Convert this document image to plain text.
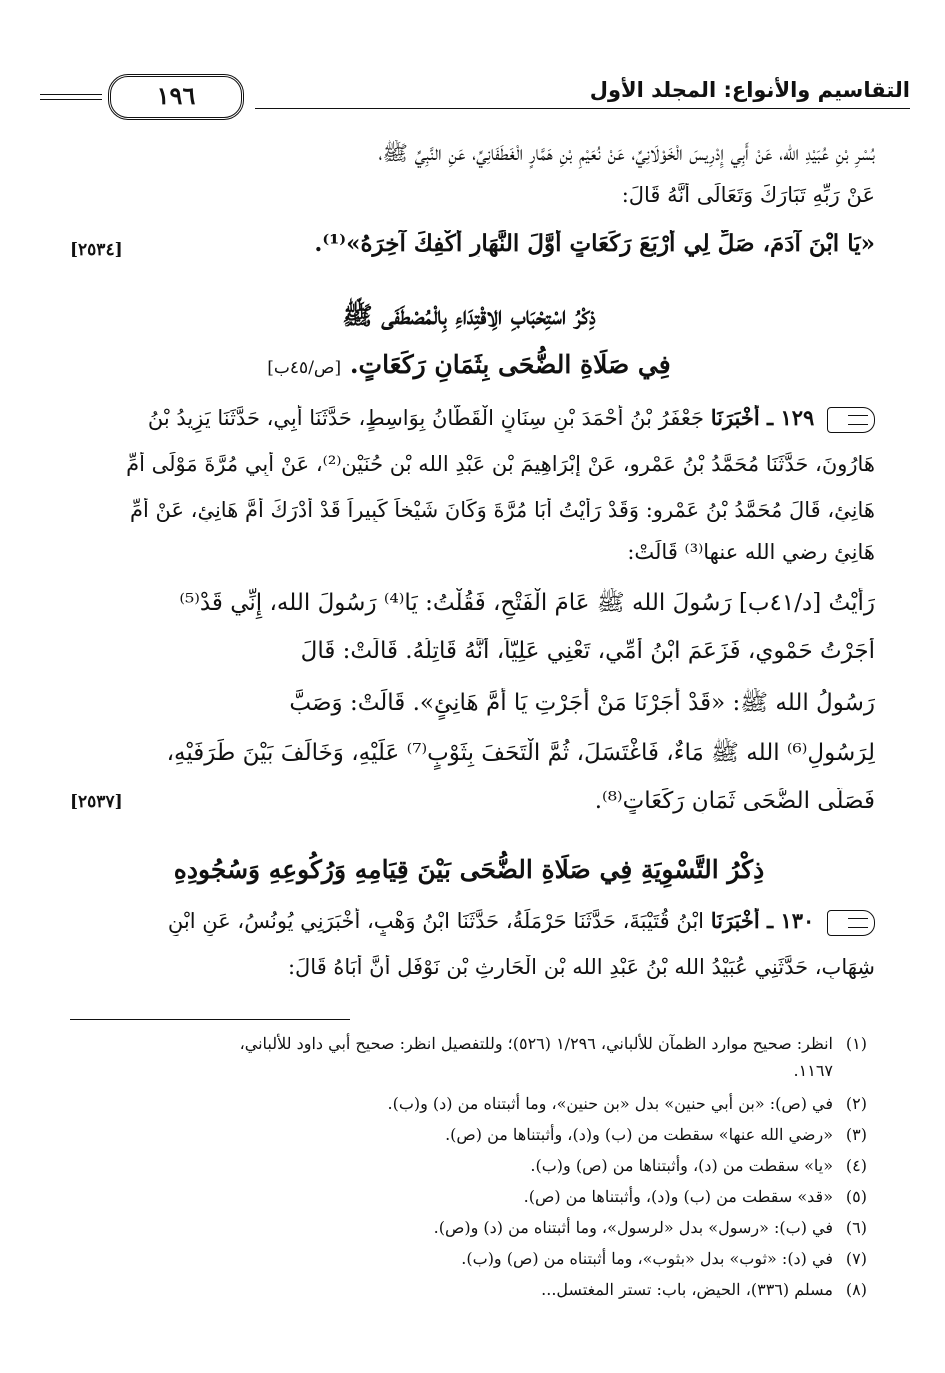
التقاسيم والأنواع: المجلد الأول
١٩٦
بُسْرِ بْنِ عُبَيْدِ الله، عَنْ أَبِي إِدْرِيسَ الْخَوْلَانِيِّ، عَنْ نُعَيْمِ بْنِ هَمَّارٍ الْغَطَفَانِيِّ، عَنِ النَّبِيِّ ﷺ،
عَنْ رَبِّهِ تَبَارَكَ وَتَعَالَى أَنَّهُ قَالَ:
«يَا ابْنَ آدَمَ، صَلِّ لِي أَرْبَعَ رَكَعَاتٍ أَوَّلَ النَّهَارِ أَكْفِكَ آخِرَهُ»⁽¹⁾.
[٢٥٣٤]
ذِكْرُ اسْتِحْبَابِ الِاقْتِدَاءِ بِالْمُصْطَفَى ﷺ
فِي صَلَاةِ الضُّحَى بِثَمَانِ رَكَعَاتٍ. [ص/٤٥ب]
١٢٩ ـ أَخْبَرَنَا جَعْفَرُ بْنُ أَحْمَدَ بْنِ سِنَانٍ الْقَطَّانُ بِوَاسِطٍ، حَدَّثَنَا أَبِي، حَدَّثَنَا يَزِيدُ بْنُ
هَارُونَ، حَدَّثَنَا مُحَمَّدُ بْنُ عَمْرٍو، عَنْ إِبْرَاهِيمَ بْنِ عَبْدِ الله بْنِ حُنَيْنٍ⁽²⁾، عَنْ أَبِي مُرَّةَ مَوْلَى أُمِّ
هَانِئٍ، قَالَ مُحَمَّدُ بْنُ عَمْرٍو: وَقَدْ رَأَيْتُ أَبَا مُرَّةَ وَكَانَ شَيْخاً كَبِيراً قَدْ أَدْرَكَ أُمَّ هَانِئٍ، عَنْ أُمِّ
هَانِئٍ رضي الله عنها⁽³⁾ قَالَتْ:
رَأَيْتُ [د/٤١ب] رَسُولَ الله ﷺ عَامَ الْفَتْحِ، فَقُلْتُ: يَا⁽⁴⁾ رَسُولَ الله، إِنِّي قَدْ⁽⁵⁾
أَجَرْتُ حَمْوِي، فَزَعَمَ ابْنُ أُمِّي، تَعْنِي عَلِيّاً، أَنَّهُ قَاتِلُهُ. قَالَتْ: قَالَ
رَسُولُ الله ﷺ: «قَدْ أَجَرْنَا مَنْ أَجَرْتِ يَا أُمَّ هَانِئٍ». قَالَتْ: وَصَبَّ
لِرَسُولِ⁽⁶⁾ الله ﷺ مَاءٌ، فَاغْتَسَلَ، ثُمَّ الْتَحَفَ بِثَوْبٍ⁽⁷⁾ عَلَيْهِ، وَخَالَفَ بَيْنَ طَرَفَيْهِ،
فَصَلَّى الضُّحَى ثَمَانِ رَكَعَاتٍ⁽⁸⁾.
[٢٥٣٧]
ذِكْرُ التَّسْوِيَةِ فِي صَلَاةِ الضُّحَى بَيْنَ قِيَامِهِ وَرُكُوعِهِ وَسُجُودِهِ
١٣٠ ـ أَخْبَرَنَا ابْنُ قُتَيْبَةَ، حَدَّثَنَا حَرْمَلَةُ، حَدَّثَنَا ابْنُ وَهْبٍ، أَخْبَرَنِي يُونُسُ، عَنِ ابْنِ
شِهَابٍ، حَدَّثَنِي عُبَيْدُ الله بْنُ عَبْدِ الله بْنِ الْحَارِثِ بْنِ نَوْفَلٍ أَنَّ أَبَاهُ قَالَ:
(١)انظر: صحيح موارد الظمآن للألباني، ١/٢٩٦ (٥٢٦)؛ وللتفصيل انظر: صحيح أبي داود للألباني،
١١٦٧.
(٢)في (ص): «بن أبي حنين» بدل «بن حنين»، وما أثبتناه من (د) و(ب).
(٣)«رضي الله عنها» سقطت من (ب) و(د)، وأثبتناها من (ص).
(٤)«يا» سقطت من (د)، وأثبتناها من (ص) و(ب).
(٥)«قد» سقطت من (ب) و(د)، وأثبتناها من (ص).
(٦)في (ب): «رسول» بدل «لرسول»، وما أثبتناه من (د) و(ص).
(٧)في (د): «ثوب» بدل «بثوب»، وما أثبتناه من (ص) و(ب).
(٨)مسلم (٣٣٦)، الحيض، باب: تستر المغتسل...
